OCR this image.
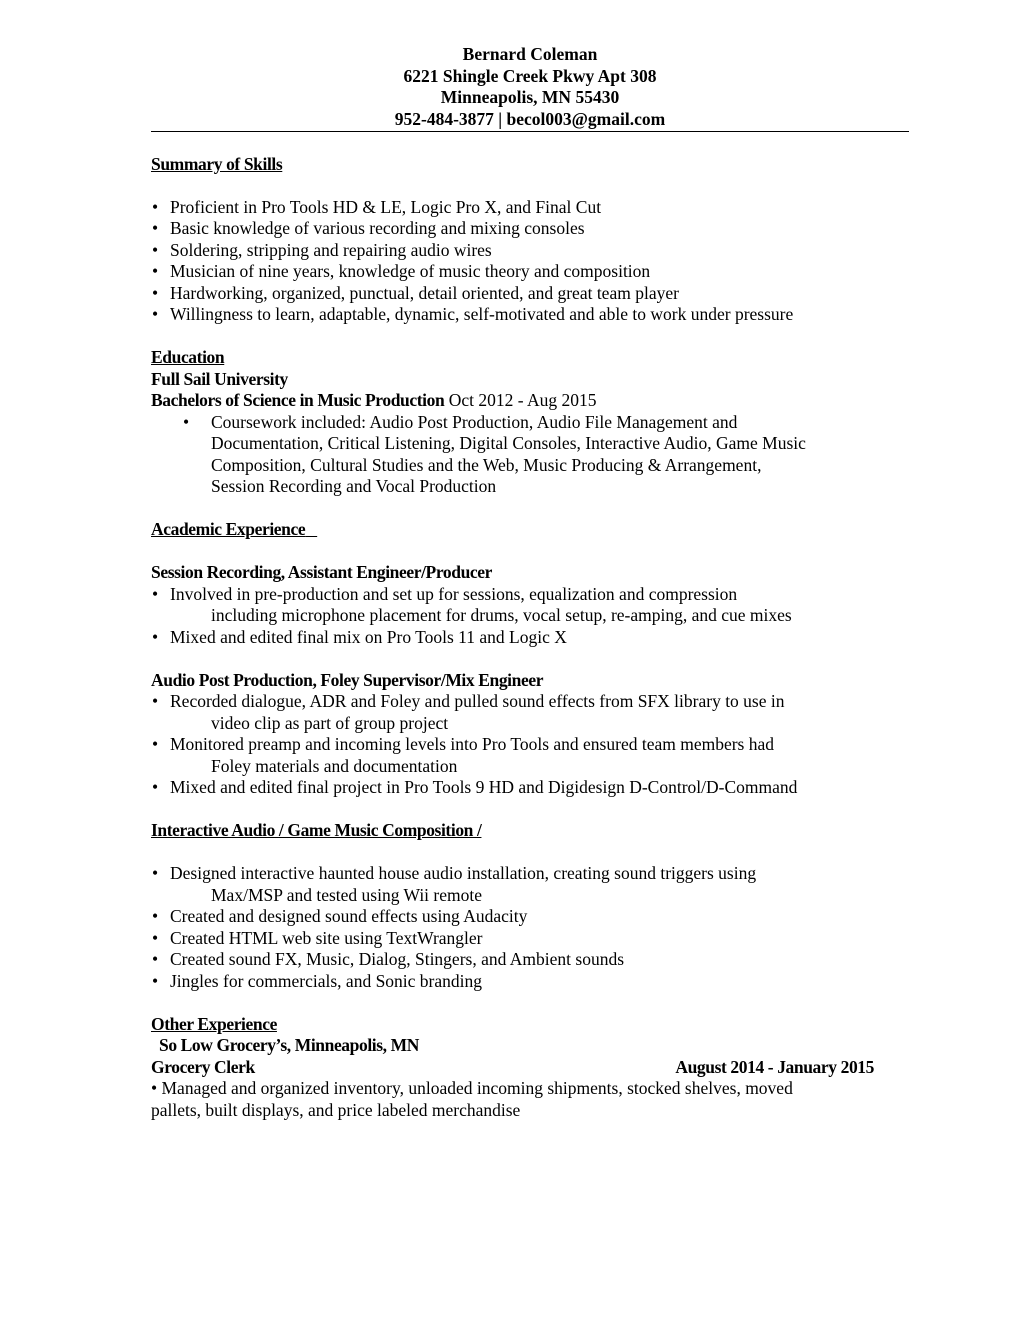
Bernard Coleman
6221 Shingle Creek Pkwy Apt 308
Minneapolis, MN 55430
952-484-3877 | becol003@gmail.com
Summary of Skills
• Proficient in Pro Tools HD & LE, Logic Pro X, and Final Cut
• Basic knowledge of various recording and mixing consoles
• Soldering, stripping and repairing audio wires
• Musician of nine years, knowledge of music theory and composition
• Hardworking, organized, punctual, detail oriented, and great team player
• Willingness to learn, adaptable, dynamic, self-motivated and able to work under pressure
Education
Full Sail University
Bachelors of Science in Music Production Oct 2012 - Aug 2015
• Coursework included: Audio Post Production, Audio File Management and
Documentation, Critical Listening, Digital Consoles, Interactive Audio, Game Music
Composition, Cultural Studies and the Web, Music Producing & Arrangement,
Session Recording and Vocal Production
Academic Experience
Session Recording, Assistant Engineer/Producer
• Involved in pre-production and set up for sessions, equalization and compression
including microphone placement for drums, vocal setup, re-amping, and cue mixes
• Mixed and edited final mix on Pro Tools 11 and Logic X
Audio Post Production, Foley Supervisor/Mix Engineer
• Recorded dialogue, ADR and Foley and pulled sound effects from SFX library to use in
video clip as part of group project
• Monitored preamp and incoming levels into Pro Tools and ensured team members had
Foley materials and documentation
• Mixed and edited final project in Pro Tools 9 HD and Digidesign D-Control/D-Command
Interactive Audio / Game Music Composition /
• Designed interactive haunted house audio installation, creating sound triggers using
Max/MSP and tested using Wii remote
• Created and designed sound effects using Audacity
• Created HTML web site using TextWrangler
• Created sound FX, Music, Dialog, Stingers, and Ambient sounds
• Jingles for commercials, and Sonic branding
Other Experience
So Low Grocery’s, Minneapolis, MN
Grocery Clerk	August 2014 - January 2015
• Managed and organized inventory, unloaded incoming shipments, stocked shelves, moved
pallets, built displays, and price labeled merchandise
